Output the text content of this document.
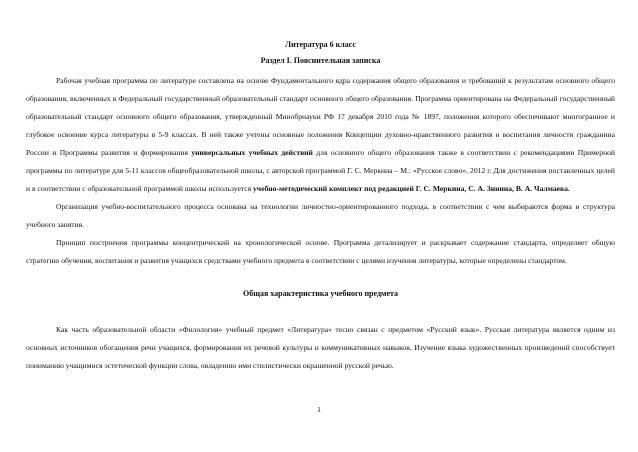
Литература 6 класс
Раздел I. Пояснительная записка

Рабочая учебная программа по литературе составлена на основе Фундаментального ядра содержания общего образования и требований к результатам основного общего образования, включенных в Федеральный государственный образовательный стандарт основного общего образования. Программа ориентирована на Федеральный государственный образовательный стандарт основного общего образования, утвержденный Минобрнауки РФ 17 декабря 2010 года № 1897, положения которого обеспечивают многогранное и глубокое освоение курса литературы в 5-9 классах. В ней также учтены основные положения Концепции духовно-нравственного развития и воспитания личности гражданина России и Программы развития и формирования универсальных учебных действий для основного общего образования также в соответствии с рекомендациями Примерной программы по литературе для 5-11 классов общеобразовательной школы, с авторской программой Г. С. Меркина – М.: «Русское слово», 2012 г. Для достижения поставленных целей и в соответствии с образовательной программой школы используется учебно-методический комплект под редакцией Г. С. Меркина, С. А. Зинина, В. А. Чалмаева.

Организация учебно-воспитательного процесса основана на технологии личностно-ориентированного подхода, в соответствии с чем выбираются форма и структура учебного занятия.

Принцип построения программы концентрический на хронологической основе. Программа детализирует и раскрывает содержание стандарта, определяет общую стратегию обучения, воспитания и развития учащихся средствами учебного предмета в соответствии с целями изучения литературы, которые определены стандартом.

Общая характеристика учебного предмета

Как часть образовательной области «Филология» учебный предмет «Литература» тесно связан с предметом «Русский язык». Русская литература является одним из основных источников обогащения речи учащихся, формирования их речевой культуры и коммуникативных навыков. Изучение языка художественных произведений способствует пониманию учащимися эстетической функции слова, овладению ими стилистически окрашенной русской речью.

1
